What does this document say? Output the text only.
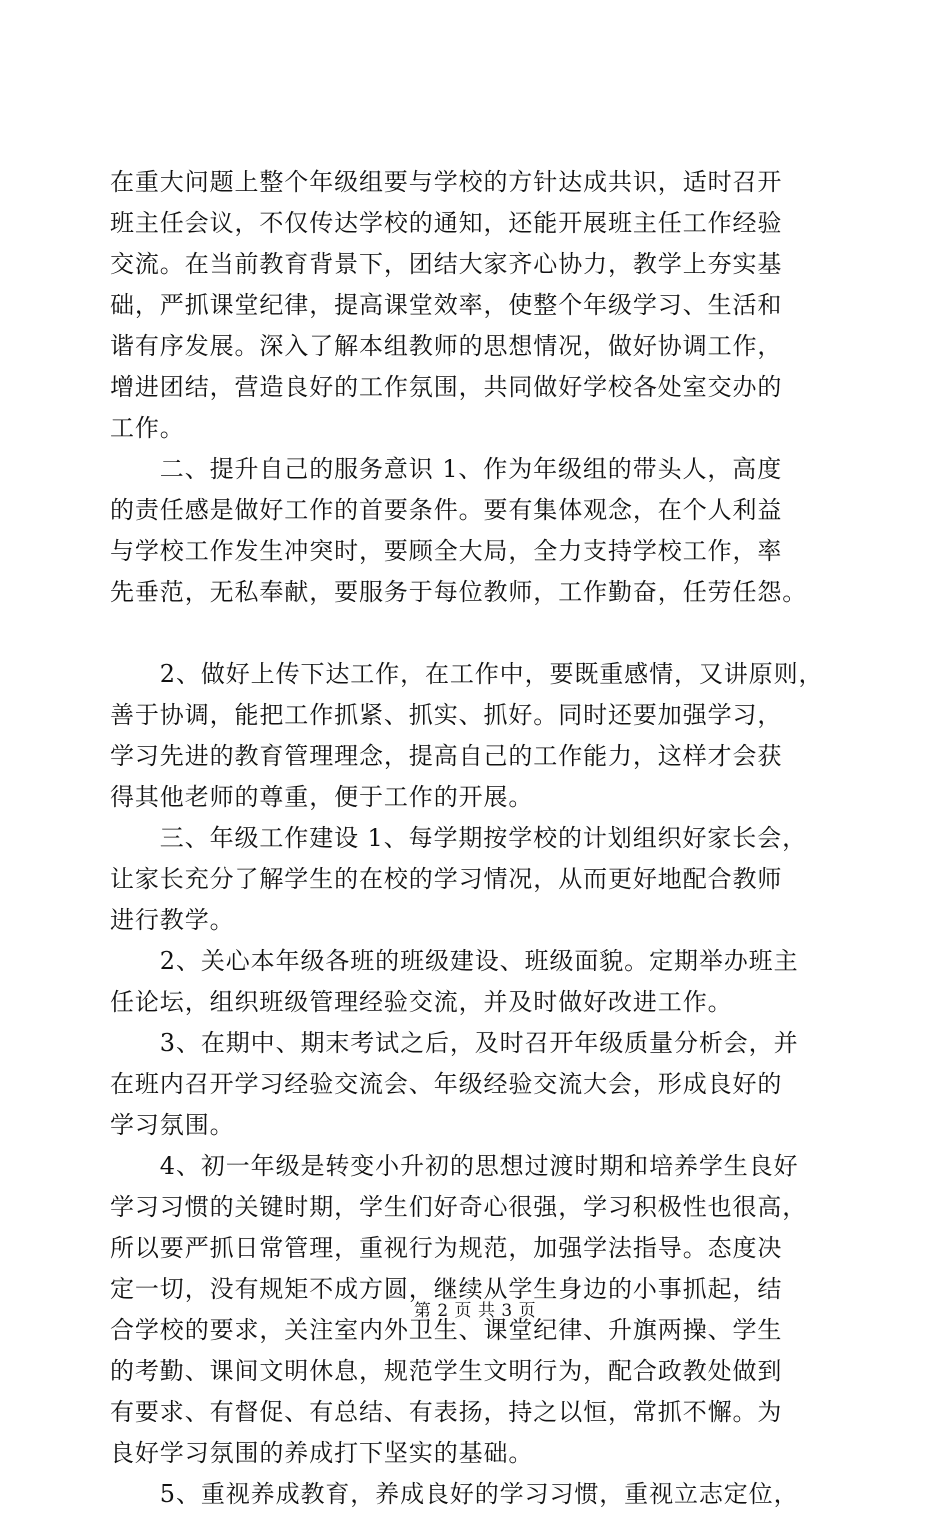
在重大问题上整个年级组要与学校的方针达成共识，适时召开
班主任会议，不仅传达学校的通知，还能开展班主任工作经验
交流。在当前教育背景下，团结大家齐心协力，教学上夯实基
础，严抓课堂纪律，提高课堂效率，使整个年级学习、生活和
谐有序发展。深入了解本组教师的思想情况，做好协调工作，
增进团结，营造良好的工作氛围，共同做好学校各处室交办的
工作。
　　二、提升自己的服务意识 1、作为年级组的带头人，高度
的责任感是做好工作的首要条件。要有集体观念，在个人利益
与学校工作发生冲突时，要顾全大局，全力支持学校工作，率
先垂范，无私奉献，要服务于每位教师，工作勤奋，任劳任怨。
　　2、做好上传下达工作，在工作中，要既重感情，又讲原则，
善于协调，能把工作抓紧、抓实、抓好。同时还要加强学习，
学习先进的教育管理理念，提高自己的工作能力，这样才会获
得其他老师的尊重，便于工作的开展。
　　三、年级工作建设 1、每学期按学校的计划组织好家长会，
让家长充分了解学生的在校的学习情况，从而更好地配合教师
进行教学。
　　2、关心本年级各班的班级建设、班级面貌。定期举办班主
任论坛，组织班级管理经验交流，并及时做好改进工作。
　　3、在期中、期末考试之后，及时召开年级质量分析会，并
在班内召开学习经验交流会、年级经验交流大会，形成良好的
学习氛围。
　　4、初一年级是转变小升初的思想过渡时期和培养学生良好
学习习惯的关键时期，学生们好奇心很强，学习积极性也很高，
所以要严抓日常管理，重视行为规范，加强学法指导。态度决
定一切，没有规矩不成方圆，继续从学生身边的小事抓起，结
合学校的要求，关注室内外卫生、课堂纪律、升旗两操、学生
的考勤、课间文明休息，规范学生文明行为，配合政教处做到
有要求、有督促、有总结、有表扬，持之以恒，常抓不懈。为
良好学习氛围的养成打下坚实的基础。
　　5、重视养成教育，养成良好的学习习惯，重视立志定位，
第 2 页 共 3 页
